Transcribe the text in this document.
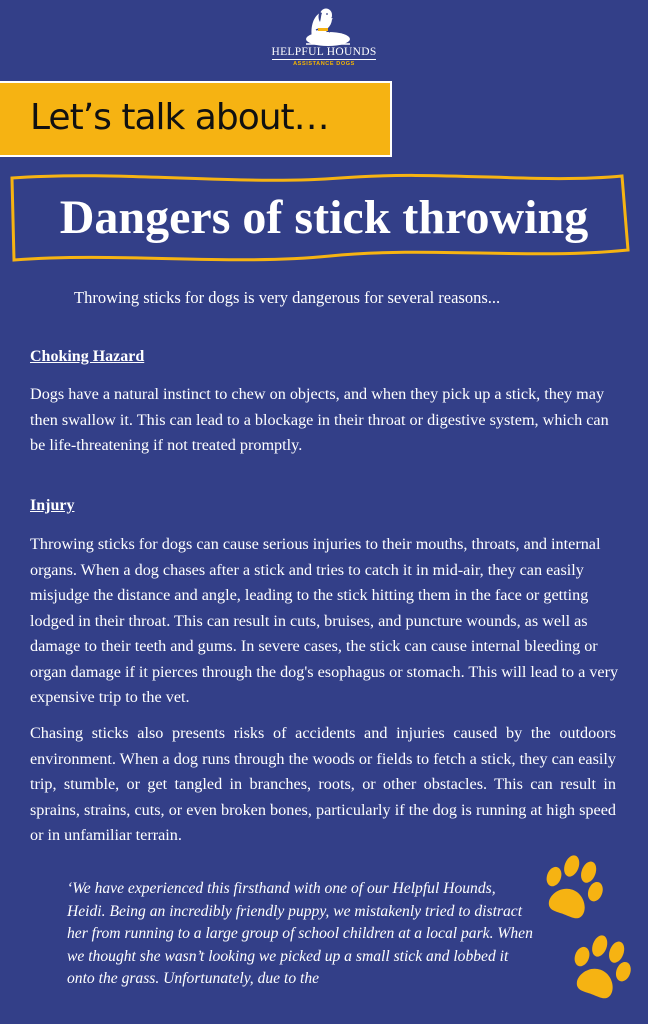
HELPFUL HOUNDS
ASSISTANCE DOGS
Let’s talk about…
Dangers of stick throwing
Throwing sticks for dogs is very dangerous for several reasons...
Choking Hazard

Dogs have a natural instinct to chew on objects, and when they pick up a stick, they may then swallow it. This can lead to a blockage in their throat or digestive system, which can be life-threatening if not treated promptly.

Injury

Throwing sticks for dogs can cause serious injuries to their mouths, throats, and internal organs. When a dog chases after a stick and tries to catch it in mid-air, they can easily misjudge the distance and angle, leading to the stick hitting them in the face or getting lodged in their throat. This can result in cuts, bruises, and puncture wounds, as well as damage to their teeth and gums. In severe cases, the stick can cause internal bleeding or organ damage if it pierces through the dog's esophagus or stomach. This will lead to a very expensive trip to the vet.

Chasing sticks also presents risks of accidents and injuries caused by the outdoors environment. When a dog runs through the woods or fields to fetch a stick, they can easily trip, stumble, or get tangled in branches, roots, or other obstacles. This can result in sprains, strains, cuts, or even broken bones, particularly if the dog is running at high speed or in unfamiliar terrain.

‘We have experienced this firsthand with one of our Helpful Hounds, Heidi. Being an incredibly friendly puppy, we mistakenly tried to distract her from running to a large group of school children at a local park. When we thought she wasn’t looking we picked up a small stick and lobbed it onto the grass. Unfortunately, due to the
